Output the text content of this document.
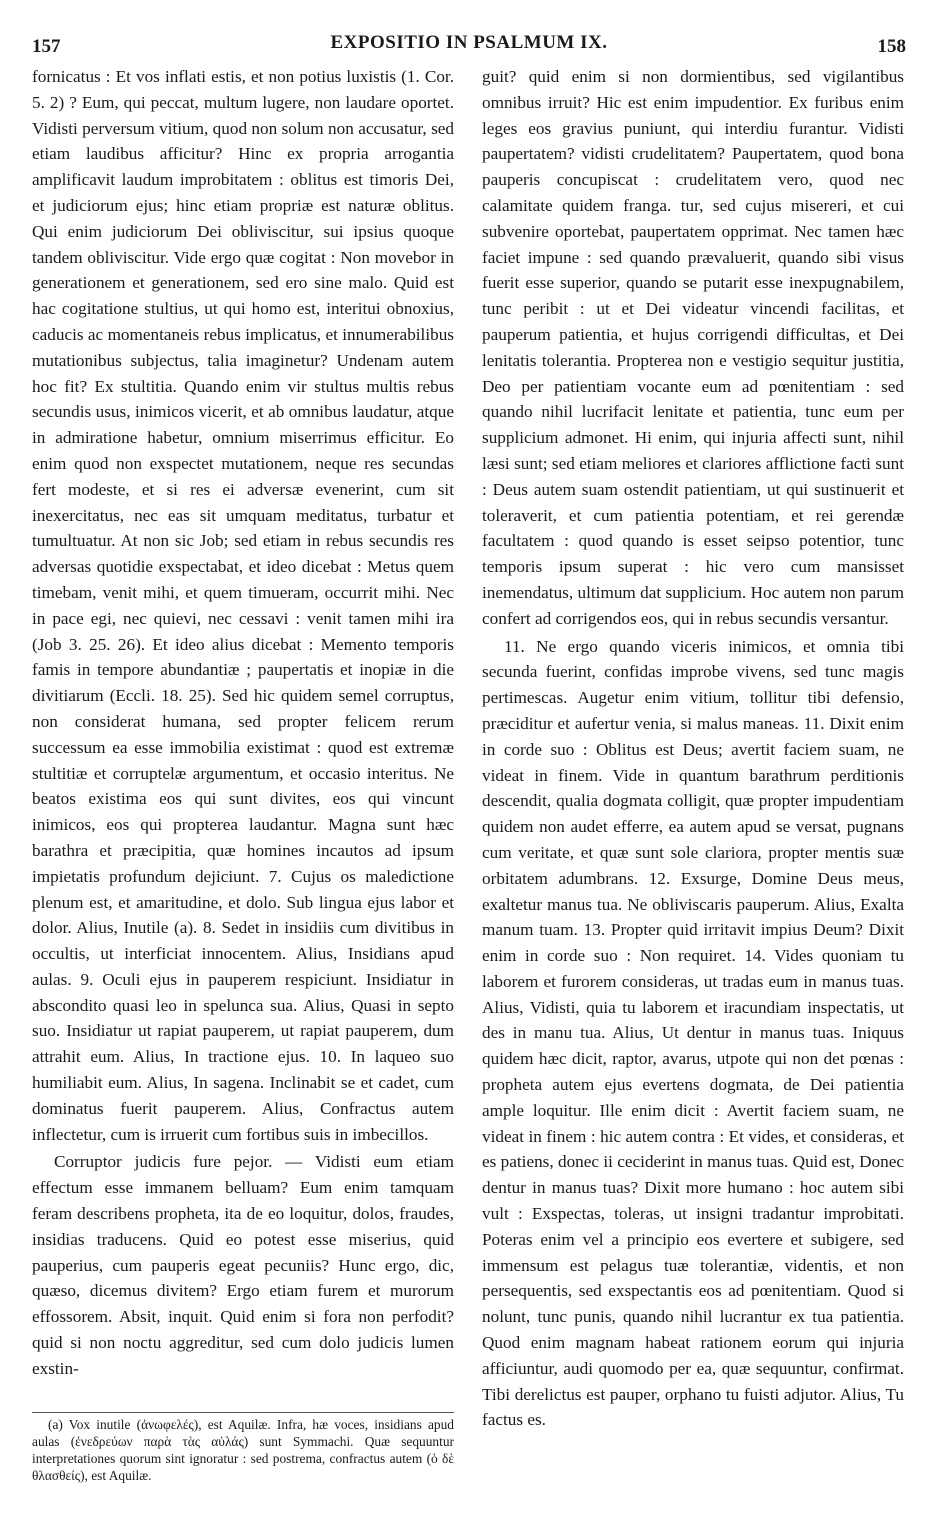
157	EXPOSITIO IN PSALMUM IX.	158

fornicatus : Et vos inflati estis, et non potius luxistis (1. Cor. 5. 2) ? Eum, qui peccat, multum lugere, non laudare oportet. Vidisti perversum vitium, quod non solum non accusatur, sed etiam laudibus afficitur? Hinc ex propria arrogantia amplificavit laudum improbitatem : oblitus est timoris Dei, et judiciorum ejus; hinc etiam propriæ est naturæ oblitus. Qui enim judiciorum Dei obliviscitur, sui ipsius quoque tandem obliviscitur. Vide ergo quæ cogitat : Non movebor in generationem et generationem, sed ero sine malo. Quid est hac cogitatione stultius, ut qui homo est, interitui obnoxius, caducis ac momentaneis rebus implicatus, et innumerabilibus mutationibus subjectus, talia imaginetur? Undenam autem hoc fit? Ex stultitia. Quando enim vir stultus multis rebus secundis usus, inimicos vicerit, et ab omnibus laudatur, atque in admiratione habetur, omnium miserrimus efficitur. Eo enim quod non exspectet mutationem, neque res secundas fert modeste, et si res ei adversæ evenerint, cum sit inexercitatus, nec eas sit umquam meditatus, turbatur et tumultuatur. At non sic Job; sed etiam in rebus secundis res adversas quotidie exspectabat, et ideo dicebat : Metus quem timebam, venit mihi, et quem timueram, occurrit mihi. Nec in pace egi, nec quievi, nec cessavi : venit tamen mihi ira (Job 3. 25. 26). Et ideo alius dicebat : Memento temporis famis in tempore abundantiæ ; paupertatis et inopiæ in die divitiarum (Eccli. 18. 25). Sed hic quidem semel corruptus, non considerat humana, sed propter felicem rerum successum ea esse immobilia existimat : quod est extremæ stultitiæ et corruptelæ argumentum, et occasio interitus. Ne beatos existima eos qui sunt divites, eos qui vincunt inimicos, eos qui propterea laudantur. Magna sunt hæc barathra et præcipitia, quæ homines incautos ad ipsum impietatis profundum dejiciunt. 7. Cujus os maledictione plenum est, et amaritudine, et dolo. Sub lingua ejus labor et dolor. Alius, Inutile (a). 8. Sedet in insidiis cum divitibus in occultis, ut interficiat innocentem. Alius, Insidians apud aulas. 9. Oculi ejus in pauperem respiciunt. Insidiatur in abscondito quasi leo in spelunca sua. Alius, Quasi in septo suo. Insidiatur ut rapiat pauperem, ut rapiat pauperem, dum attrahit eum. Alius, In tractione ejus. 10. In laqueo suo humiliabit eum. Alius, In sagena. Inclinabit se et cadet, cum dominatus fuerit pauperem. Alius, Confractus autem inflectetur, cum is irruerit cum fortibus suis in imbecillos.

Corruptor judicis fure pejor. — Vidisti eum etiam effectum esse immanem belluam? Eum enim tamquam feram describens propheta, ita de eo loquitur, dolos, fraudes, insidias traducens. Quid eo potest esse miserius, quid pauperius, cum pauperis egeat pecuniis? Hunc ergo, dic, quæso, dicemus divitem? Ergo etiam furem et murorum effossorem. Absit, inquit. Quid enim si fora non perfodit? quid si non noctu aggreditur, sed cum dolo judicis lumen exstin-

guit? quid enim si non dormientibus, sed vigilantibus omnibus irruit? Hic est enim impudentior. Ex furibus enim leges eos gravius puniunt, qui interdiu furantur. Vidisti paupertatem? vidisti crudelitatem? Paupertatem, quod bona pauperis concupiscat : crudelitatem vero, quod nec calamitate quidem franga. tur, sed cujus misereri, et cui subvenire oportebat, paupertatem opprimat. Nec tamen hæc faciet impune : sed quando prævaluerit, quando sibi visus fuerit esse superior, quando se putarit esse inexpugnabilem, tunc peribit : ut et Dei videatur vincendi facilitas, et pauperum patientia, et hujus corrigendi difficultas, et Dei lenitatis tolerantia. Propterea non e vestigio sequitur justitia, Deo per patientiam vocante eum ad pœnitentiam : sed quando nihil lucrifacit lenitate et patientia, tunc eum per supplicium admonet. Hi enim, qui injuria affecti sunt, nihil læsi sunt; sed etiam meliores et clariores afflictione facti sunt : Deus autem suam ostendit patientiam, ut qui sustinuerit et toleraverit, et cum patientia potentiam, et rei gerendæ facultatem : quod quando is esset seipso potentior, tunc temporis ipsum superat : hic vero cum mansisset inemendatus, ultimum dat supplicium. Hoc autem non parum confert ad corrigendos eos, qui in rebus secundis versantur.

11. Ne ergo quando viceris inimicos, et omnia tibi secunda fuerint, confidas improbe vivens, sed tunc magis pertimescas. Augetur enim vitium, tollitur tibi defensio, præciditur et aufertur venia, si malus maneas. 11. Dixit enim in corde suo : Oblitus est Deus; avertit faciem suam, ne videat in finem. Vide in quantum barathrum perditionis descendit, qualia dogmata colligit, quæ propter impudentiam quidem non audet efferre, ea autem apud se versat, pugnans cum veritate, et quæ sunt sole clariora, propter mentis suæ orbitatem adumbrans. 12. Exsurge, Domine Deus meus, exaltetur manus tua. Ne obliviscaris pauperum. Alius, Exalta manum tuam. 13. Propter quid irritavit impius Deum? Dixit enim in corde suo : Non requiret. 14. Vides quoniam tu laborem et furorem consideras, ut tradas eum in manus tuas. Alius, Vidisti, quia tu laborem et iracundiam inspectatis, ut des in manu tua. Alius, Ut dentur in manus tuas. Iniquus quidem hæc dicit, raptor, avarus, utpote qui non det pœnas : propheta autem ejus evertens dogmata, de Dei patientia ample loquitur. Ille enim dicit : Avertit faciem suam, ne videat in finem : hic autem contra : Et vides, et consideras, et es patiens, donec ii ceciderint in manus tuas. Quid est, Donec dentur in manus tuas? Dixit more humano : hoc autem sibi vult : Exspectas, toleras, ut insigni tradantur improbitati. Poteras enim vel a principio eos evertere et subigere, sed immensum est pelagus tuæ tolerantiæ, videntis, et non persequentis, sed exspectantis eos ad pœnitentiam. Quod si nolunt, tunc punis, quando nihil lucrantur ex tua patientia. Quod enim magnam habeat rationem eorum qui injuria afficiuntur, audi quomodo per ea, quæ sequuntur, confirmat. Tibi derelictus est pauper, orphano tu fuisti adjutor. Alius, Tu factus es.

(a) Vox inutile (ἀνωφελές), est Aquilæ. Infra, hæ voces, insidians apud aulas (ἐνεδρεύων παρὰ τὰς αὐλάς) sunt Symmachi. Quæ sequuntur interpretationes quorum sint ignoratur : sed postrema, confractus autem (ὁ δὲ θλασθείς), est Aquilæ.
